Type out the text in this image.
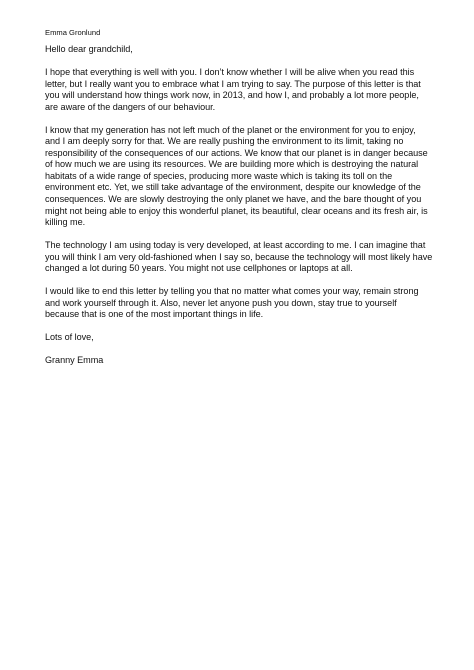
Emma Gronlund

Hello dear grandchild,

I hope that everything is well with you. I don’t know whether I will be alive when you read this letter, but I really want you to embrace what I am trying to say. The purpose of this letter is that you will understand how things work now, in 2013, and how I, and probably a lot more people, are aware of the dangers of our behaviour.

I know that my generation has not left much of the planet or the environment for you to enjoy, and I am deeply sorry for that. We are really pushing the environment to its limit, taking no responsibility of the consequences of our actions. We know that our planet is in danger because of how much we are using its resources. We are building more which is destroying the natural habitats of a wide range of species, producing more waste which is taking its toll on the environment etc. Yet, we still take advantage of the environment, despite our knowledge of the consequences. We are slowly destroying the only planet we have, and the bare thought of you might not being able to enjoy this wonderful planet, its beautiful, clear oceans and its fresh air, is killing me.

The technology I am using today is very developed, at least according to me. I can imagine that you will think I am very old-fashioned when I say so, because the technology will most likely have changed a lot during 50 years. You might not use cellphones or laptops at all.

I would like to end this letter by telling you that no matter what comes your way, remain strong and work yourself through it. Also, never let anyone push you down, stay true to yourself because that is one of the most important things in life.

Lots of love,

Granny Emma
